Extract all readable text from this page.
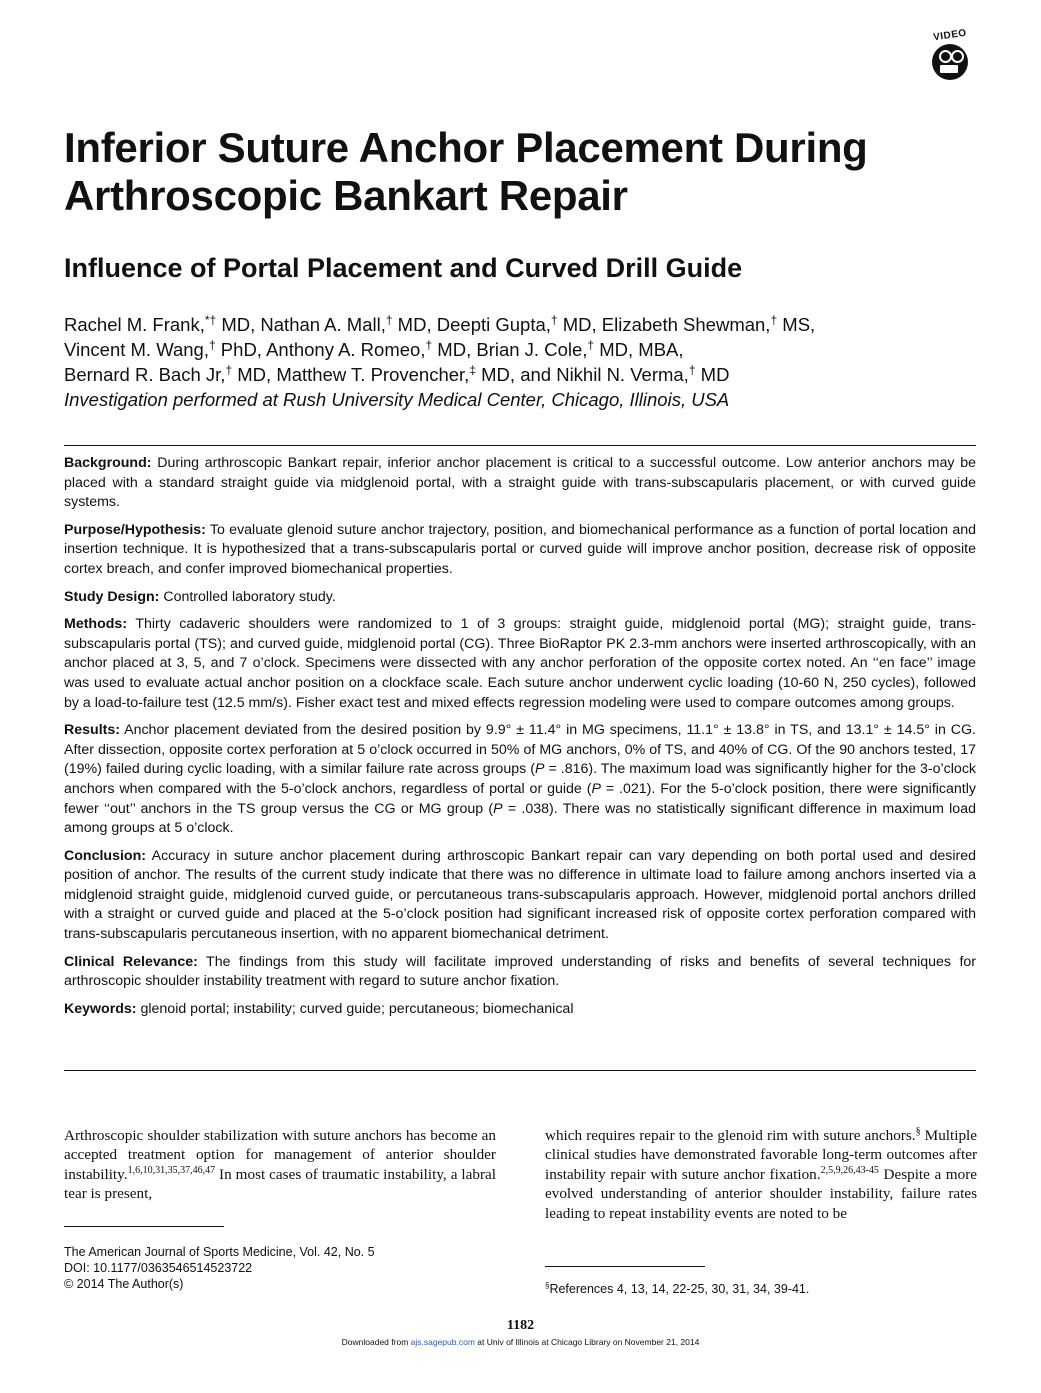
VIDEO
Inferior Suture Anchor Placement During Arthroscopic Bankart Repair
Influence of Portal Placement and Curved Drill Guide
Rachel M. Frank,*† MD, Nathan A. Mall,† MD, Deepti Gupta,† MD, Elizabeth Shewman,† MS,
Vincent M. Wang,† PhD, Anthony A. Romeo,† MD, Brian J. Cole,† MD, MBA,
Bernard R. Bach Jr,† MD, Matthew T. Provencher,‡ MD, and Nikhil N. Verma,† MD
Investigation performed at Rush University Medical Center, Chicago, Illinois, USA

Background: During arthroscopic Bankart repair, inferior anchor placement is critical to a successful outcome. Low anterior anchors may be placed with a standard straight guide via midglenoid portal, with a straight guide with trans-subscapularis placement, or with curved guide systems.

Purpose/Hypothesis: To evaluate glenoid suture anchor trajectory, position, and biomechanical performance as a function of portal location and insertion technique. It is hypothesized that a trans-subscapularis portal or curved guide will improve anchor position, decrease risk of opposite cortex breach, and confer improved biomechanical properties.

Study Design: Controlled laboratory study.

Methods: Thirty cadaveric shoulders were randomized to 1 of 3 groups: straight guide, midglenoid portal (MG); straight guide, trans-subscapularis portal (TS); and curved guide, midglenoid portal (CG). Three BioRaptor PK 2.3-mm anchors were inserted arthroscopically, with an anchor placed at 3, 5, and 7 o’clock. Specimens were dissected with any anchor perforation of the opposite cortex noted. An ‘‘en face’’ image was used to evaluate actual anchor position on a clockface scale. Each suture anchor underwent cyclic loading (10-60 N, 250 cycles), followed by a load-to-failure test (12.5 mm/s). Fisher exact test and mixed effects regression modeling were used to compare outcomes among groups.

Results: Anchor placement deviated from the desired position by 9.9° ± 11.4° in MG specimens, 11.1° ± 13.8° in TS, and 13.1° ± 14.5° in CG. After dissection, opposite cortex perforation at 5 o’clock occurred in 50% of MG anchors, 0% of TS, and 40% of CG. Of the 90 anchors tested, 17 (19%) failed during cyclic loading, with a similar failure rate across groups (P = .816). The maximum load was significantly higher for the 3-o’clock anchors when compared with the 5-o’clock anchors, regardless of portal or guide (P = .021). For the 5-o’clock position, there were significantly fewer ‘‘out’’ anchors in the TS group versus the CG or MG group (P = .038). There was no statistically significant difference in maximum load among groups at 5 o’clock.

Conclusion: Accuracy in suture anchor placement during arthroscopic Bankart repair can vary depending on both portal used and desired position of anchor. The results of the current study indicate that there was no difference in ultimate load to failure among anchors inserted via a midglenoid straight guide, midglenoid curved guide, or percutaneous trans-subscapularis approach. However, midglenoid portal anchors drilled with a straight or curved guide and placed at the 5-o’clock position had significant increased risk of opposite cortex perforation compared with trans-subscapularis percutaneous insertion, with no apparent biomechanical detriment.

Clinical Relevance: The findings from this study will facilitate improved understanding of risks and benefits of several techniques for arthroscopic shoulder instability treatment with regard to suture anchor fixation.

Keywords: glenoid portal; instability; curved guide; percutaneous; biomechanical

Arthroscopic shoulder stabilization with suture anchors has become an accepted treatment option for management of anterior shoulder instability.$^{1,6,10,31,35,37,46,47}$ In most cases of traumatic instability, a labral tear is present,
which requires repair to the glenoid rim with suture anchors.§ Multiple clinical studies have demonstrated favorable long-term outcomes after instability repair with suture anchor fixation.$^{2,5,9,26,43-45}$ Despite a more evolved understanding of anterior shoulder instability, failure rates leading to repeat instability events are noted to be
The American Journal of Sports Medicine, Vol. 42, No. 5
DOI: 10.1177/0363546514523722
© 2014 The Author(s)	§References 4, 13, 14, 22-25, 30, 31, 34, 39-41.
1182
Downloaded from ajs.sagepub.com at Univ of Illinois at Chicago Library on November 21, 2014
